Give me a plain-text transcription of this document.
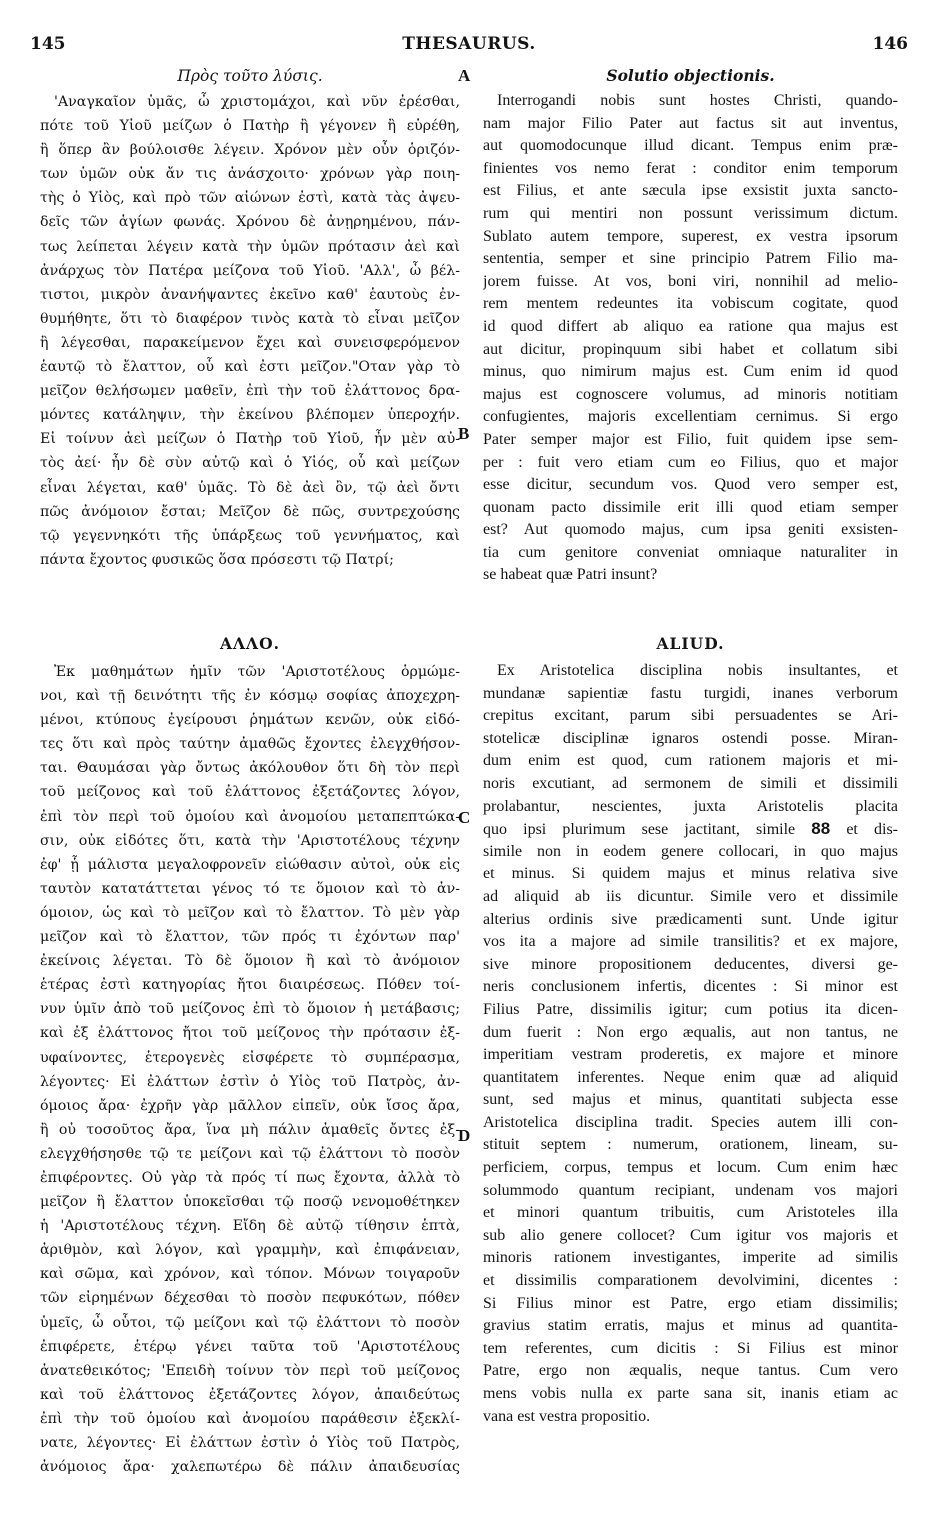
145	THESAURUS.	146
A
B
C
D

Πρὸς τοῦτο λύσις.

'Αναγκαῖον ὑμᾶς, ὦ χριστομάχοι, καὶ νῦν ἐρέσθαι,

πότε τοῦ Υἱοῦ μείζων ὁ Πατὴρ ἢ γέγονεν ἢ εὑρέθη,

ἢ ὅπερ ἂν βούλοισθε λέγειν. Χρόνον μὲν οὖν ὁριζόν-

των ὑμῶν οὐκ ἄν τις ἀνάσχοιτο· χρόνων γὰρ ποιη-

τὴς ὁ Υἱὸς, καὶ πρὸ τῶν αἰώνων ἐστὶ, κατὰ τὰς ἀψευ-

δεῖς τῶν ἁγίων φωνάς. Χρόνου δὲ ἀνῃρημένου, πάν-

τως λείπεται λέγειν κατὰ τὴν ὑμῶν πρότασιν ἀεὶ καὶ

ἀνάρχως τὸν Πατέρα μείζονα τοῦ Υἱοῦ. 'Αλλ', ὦ βέλ-

τιστοι, μικρὸν ἀνανήψαντες ἐκεῖνο καθ' ἑαυτοὺς ἐν-

θυμήθητε, ὅτι τὸ διαφέρον τινὸς κατὰ τὸ εἶναι μεῖζον

ἢ λέγεσθαι, παρακείμενον ἔχει καὶ συνεισφερόμενον

ἑαυτῷ τὸ ἔλαττον, οὗ καὶ ἐστι μεῖζον."Οταν γὰρ τὸ

μεῖζον θελήσωμεν μαθεῖν, ἐπὶ τὴν τοῦ ἐλάττονος δρα-

μόντες κατάληψιν, τὴν ἐκείνου βλέπομεν ὑπεροχήν.

Εἰ τοίνυν ἀεὶ μείζων ὁ Πατὴρ τοῦ Υἱοῦ, ἦν μὲν αὐ-

τὸς ἀεί· ἦν δὲ σὺν αὐτῷ καὶ ὁ Υἱός, οὗ καὶ μείζων

εἶναι λέγεται, καθ' ὑμᾶς. Τὸ δὲ ἀεὶ ὂν, τῷ ἀεὶ ὄντι

πῶς ἀνόμοιον ἔσται; Μεῖζον δὲ πῶς, συντρεχούσης

τῷ γεγεννηκότι τῆς ὑπάρξεως τοῦ γεννήματος, καὶ

πάντα ἔχοντος φυσικῶς ὅσα πρόσεστι τῷ Πατρί;

ΑΛΛΟ.

Ἐκ μαθημάτων ἡμῖν τῶν 'Αριστοτέλους ὁρμώμε-

νοι, καὶ τῇ δεινότητι τῆς ἐν κόσμῳ σοφίας ἀποχεχρη-

μένοι, κτύπους ἐγείρουσι ῥημάτων κενῶν, οὐκ εἰδό-

τες ὅτι καὶ πρὸς ταύτην ἀμαθῶς ἔχοντες ἐλεγχθήσον-

ται. Θαυμάσαι γὰρ ὄντως ἀκόλουθον ὅτι δὴ τὸν περὶ

τοῦ μείζονος καὶ τοῦ ἐλάττονος ἐξετάζοντες λόγον,

ἐπὶ τὸν περὶ τοῦ ὁμοίου καὶ ἀνομοίου μεταπεπτώκα-

σιν, οὐκ εἰδότες ὅτι, κατὰ τὴν 'Αριστοτέλους τέχνην

ἐφ' ᾗ μάλιστα μεγαλοφρονεῖν εἰώθασιν αὐτοὶ, οὐκ εἰς

ταυτὸν κατατάττεται γένος τό τε ὅμοιον καὶ τὸ ἀν-

όμοιον, ὡς καὶ τὸ μεῖζον καὶ τὸ ἔλαττον. Τὸ μὲν γὰρ

μεῖζον καὶ τὸ ἔλαττον, τῶν πρός τι ἐχόντων παρ'

ἐκείνοις λέγεται. Τὸ δὲ ὅμοιον ἢ καὶ τὸ ἀνόμοιον

ἑτέρας ἐστὶ κατηγορίας ἤτοι διαιρέσεως. Πόθεν τοί-

νυν ὑμῖν ἀπὸ τοῦ μείζονος ἐπὶ τὸ ὅμοιον ἡ μετάβασις;

καὶ ἐξ ἐλάττονος ἤτοι τοῦ μείζονος τὴν πρότασιν ἐξ-

υφαίνοντες, ἑτερογενὲς εἰσφέρετε τὸ συμπέρασμα,

λέγοντες· Εἰ ἐλάττων ἐστὶν ὁ Υἱὸς τοῦ Πατρὸς, ἀν-

όμοιος ἄρα· ἐχρῆν γὰρ μᾶλλον εἰπεῖν, οὐκ ἴσος ἄρα,

ἢ οὐ τοσοῦτος ἄρα, ἵνα μὴ πάλιν ἀμαθεῖς ὄντες ἐξ-

ελεγχθήσησθε τῷ τε μείζονι καὶ τῷ ἐλάττονι τὸ ποσὸν

ἐπιφέροντες. Οὐ γὰρ τὰ πρός τί πως ἔχοντα, ἀλλὰ τὸ

μεῖζον ἢ ἔλαττον ὑποκεῖσθαι τῷ ποσῷ νενομοθέτηκεν

ἡ 'Αριστοτέλους τέχνη. Εἴδη δὲ αὐτῷ τίθησιν ἑπτὰ,

ἀριθμὸν, καὶ λόγον, καὶ γραμμὴν, καὶ ἐπιφάνειαν,

καὶ σῶμα, καὶ χρόνον, καὶ τόπον. Μόνων τοιγαροῦν

τῶν εἰρημένων δέχεσθαι τὸ ποσὸν πεφυκότων, πόθεν

ὑμεῖς, ὦ οὗτοι, τῷ μείζονι καὶ τῷ ἐλάττονι τὸ ποσὸν

ἐπιφέρετε, ἑτέρῳ γένει ταῦτα τοῦ 'Αριστοτέλους

ἀνατεθεικότος; 'Επειδὴ τοίνυν τὸν περὶ τοῦ μείζονος

καὶ τοῦ ἐλάττονος ἐξετάζοντες λόγον, ἀπαιδεύτως

ἐπὶ τὴν τοῦ ὁμοίου καὶ ἀνομοίου παράθεσιν ἐξεκλί-

νατε, λέγοντες· Εἰ ἐλάττων ἐστὶν ὁ Υἱὸς τοῦ Πατρὸς,

ἀνόμοιος ἄρα· χαλεπωτέρω δὲ πάλιν ἀπαιδευσίας

Solutio objectionis.

Interrogandi nobis sunt hostes Christi, quando-

nam major Filio Pater aut factus sit aut inventus,

aut quomodocunque illud dicant. Tempus enim præ-

finientes vos nemo ferat : conditor enim temporum

est Filius, et ante sæcula ipse exsistit juxta sancto-

rum qui mentiri non possunt verissimum dictum.

Sublato autem tempore, superest, ex vestra ipsorum

sententia, semper et sine principio Patrem Filio ma-

jorem fuisse. At vos, boni viri, nonnihil ad melio-

rem mentem redeuntes ita vobiscum cogitate, quod

id quod differt ab aliquo ea ratione qua majus est

aut dicitur, propinquum sibi habet et collatum sibi

minus, quo nimirum majus est. Cum enim id quod

majus est cognoscere volumus, ad minoris notitiam

confugientes, majoris excellentiam cernimus. Si ergo

Pater semper major est Filio, fuit quidem ipse sem-

per : fuit vero etiam cum eo Filius, quo et major

esse dicitur, secundum vos. Quod vero semper est,

quonam pacto dissimile erit illi quod etiam semper

est? Aut quomodo majus, cum ipsa geniti exsisten-

tia cum genitore conveniat omniaque naturaliter in

se habeat quæ Patri insunt?

ALIUD.

Ex Aristotelica disciplina nobis insultantes, et

mundanæ sapientiæ fastu turgidi, inanes verborum

crepitus excitant, parum sibi persuadentes se Ari-

stotelicæ disciplinæ ignaros ostendi posse. Miran-

dum enim est quod, cum rationem majoris et mi-

noris excutiant, ad sermonem de simili et dissimili

prolabantur, nescientes, juxta Aristotelis placita

quo ipsi plurimum sese jactitant, simile 88 et dis-

simile non in eodem genere collocari, in quo majus

et minus. Si quidem majus et minus relativa sive

ad aliquid ab iis dicuntur. Simile vero et dissimile

alterius ordinis sive prædicamenti sunt. Unde igitur

vos ita a majore ad simile transilitis? et ex majore,

sive minore propositionem deducentes, diversi ge-

neris conclusionem infertis, dicentes : Si minor est

Filius Patre, dissimilis igitur; cum potius ita dicen-

dum fuerit : Non ergo æqualis, aut non tantus, ne

imperitiam vestram proderetis, ex majore et minore

quantitatem inferentes. Neque enim quæ ad aliquid

sunt, sed majus et minus, quantitati subjecta esse

Aristotelica disciplina tradit. Species autem illi con-

stituit septem : numerum, orationem, lineam, su-

perficiem, corpus, tempus et locum. Cum enim hæc

solummodo quantum recipiant, undenam vos majori

et minori quantum tribuitis, cum Aristoteles illa

sub alio genere collocet? Cum igitur vos majoris et

minoris rationem investigantes, imperite ad similis

et dissimilis comparationem devolvimini, dicentes :

Si Filius minor est Patre, ergo etiam dissimilis;

gravius statim erratis, majus et minus ad quantita-

tem referentes, cum dicitis : Si Filius est minor

Patre, ergo non æqualis, neque tantus. Cum vero

mens vobis nulla ex parte sana sit, inanis etiam ac

vana est vestra propositio.
